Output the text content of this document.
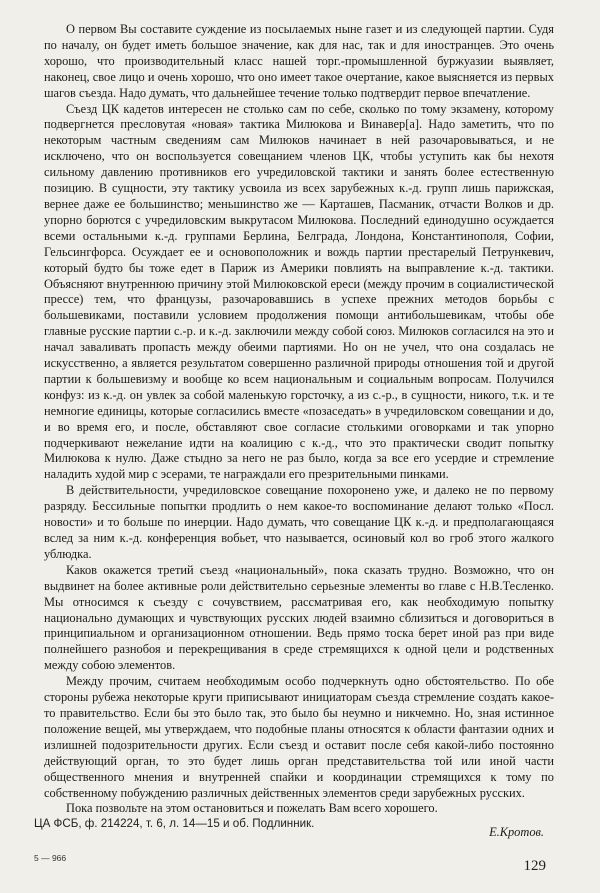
О первом Вы составите суждение из посылаемых ныне газет и из следующей партии. Судя по началу, он будет иметь большое значение, как для нас, так и для иностранцев. Это очень хорошо, что производительный класс нашей торг.-промышленной буржуазии выявляет, наконец, свое лицо и очень хорошо, что оно имеет такое очертание, какое выясняется из первых шагов съезда. Надо думать, что дальнейшее течение только подтвердит первое впечатление.

Съезд ЦК кадетов интересен не столько сам по себе, сколько по тому экзамену, которому подвергнется пресловутая «новая» тактика Милюкова и Винавер[а]. Надо заметить, что по некоторым частным сведениям сам Милюков начинает в ней разочаровываться, и не исключено, что он воспользуется совещанием членов ЦК, чтобы уступить как бы нехотя сильному давлению противников его учредиловской тактики и занять более естественную позицию. В сущности, эту тактику усвоила из всех зарубежных к.-д. групп лишь парижская, вернее даже ее большинство; меньшинство же — Карташев, Пасманик, отчасти Волков и др. упорно борются с учредиловским выкрутасом Милюкова. Последний единодушно осуждается всеми остальными к.-д. группами Берлина, Белграда, Лондона, Константинополя, Софии, Гельсингфорса. Осуждает ее и основоположник и вождь партии престарелый Петрункевич, который будто бы тоже едет в Париж из Америки повлиять на выправление к.-д. тактики. Объясняют внутреннюю причину этой Милюковской ереси (между прочим в социалистической прессе) тем, что французы, разочаровавшись в успехе прежних методов борьбы с большевиками, поставили условием продолжения помощи антибольшевикам, чтобы обе главные русские партии с.-р. и к.-д. заключили между собой союз. Милюков согласился на это и начал заваливать пропасть между обеими партиями. Но он не учел, что она создалась не искусственно, а является результатом совершенно различной природы отношения той и другой партии к большевизму и вообще ко всем национальным и социальным вопросам. Получился конфуз: из к.-д. он увлек за собой маленькую горсточку, а из с.-р., в сущности, никого, т.к. и те немногие единицы, которые согласились вместе «позаседать» в учредиловском совещании и до, и во время его, и после, обставляют свое согласие столькими оговорками и так упорно подчеркивают нежелание идти на коалицию с к.-д., что это практически сводит попытку Милюкова к нулю. Даже стыдно за него не раз было, когда за все его усердие и стремление наладить худой мир с эсерами, те награждали его презрительными пинками.

В действительности, учредиловское совещание похоронено уже, и далеко не по первому разряду. Бессильные попытки продлить о нем какое-то воспоминание делают только «Посл. новости» и то больше по инерции. Надо думать, что совещание ЦК к.-д. и предполагающаяся вслед за ним к.-д. конференция вобьет, что называется, осиновый кол во гроб этого жалкого ублюдка.

Каков окажется третий съезд «национальный», пока сказать трудно. Возможно, что он выдвинет на более активные роли действительно серьезные элементы во главе с Н.В.Тесленко. Мы относимся к съезду с сочувствием, рассматривая его, как необходимую попытку национально думающих и чувствующих русских людей взаимно сблизиться и договориться в принципиальном и организационном отношении. Ведь прямо тоска берет иной раз при виде полнейшего разнобоя и перекрещивания в среде стремящихся к одной цели и родственных между собою элементов.

Между прочим, считаем необходимым особо подчеркнуть одно обстоятельство. По обе стороны рубежа некоторые круги приписывают инициаторам съезда стремление создать какое-то правительство. Если бы это было так, это было бы неумно и никчемно. Но, зная истинное положение вещей, мы утверждаем, что подобные планы относятся к области фантазии одних и излишней подозрительности других. Если съезд и оставит после себя какой-либо постоянно действующий орган, то это будет лишь орган представительства той или иной части общественного мнения и внутренней спайки и координации стремящихся к тому по собственному побуждению различных действенных элементов среди зарубежных русских.

Пока позвольте на этом остановиться и пожелать Вам всего хорошего.

Е.Кротов.
ЦА ФСБ, ф. 214224, т. 6, л. 14—15 и об. Подлинник.
5 — 966	129
